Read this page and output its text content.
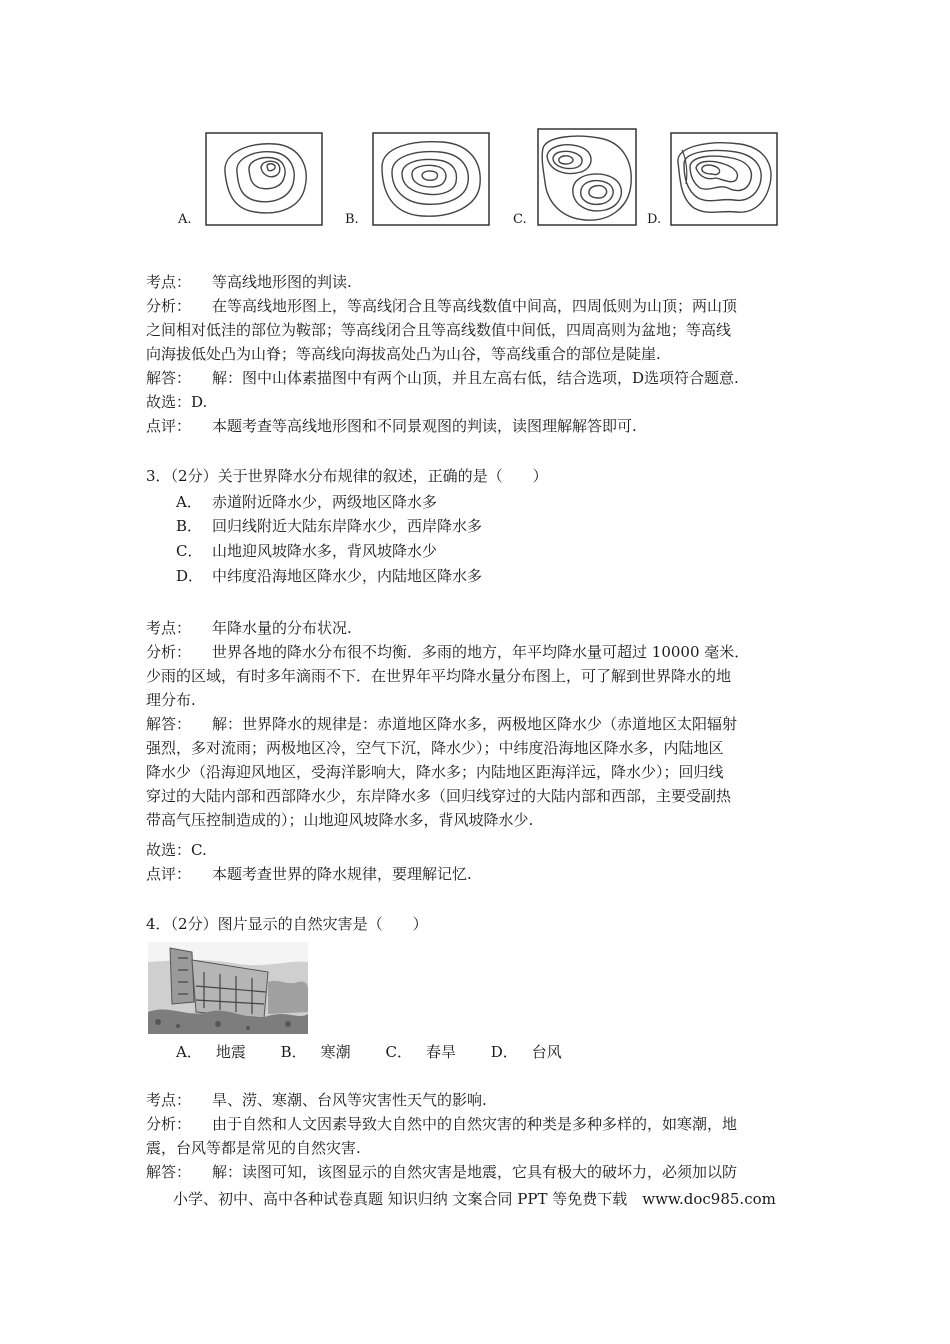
A.	B.	C.	D.
考点： 等高线地形图的判读.
分析： 在等高线地形图上，等高线闭合且等高线数值中间高，四周低则为山顶；两山顶
之间相对低洼的部位为鞍部；等高线闭合且等高线数值中间低，四周高则为盆地；等高线
向海拔低处凸为山脊；等高线向海拔高处凸为山谷，等高线重合的部位是陡崖.
解答： 解：图中山体素描图中有两个山顶，并且左高右低，结合选项，D选项符合题意.
故选：D.
点评： 本题考查等高线地形图和不同景观图的判读，读图理解解答即可.
3．（2分）关于世界降水分布规律的叙述，正确的是（　　）
A． 赤道附近降水少，两级地区降水多
B． 回归线附近大陆东岸降水少，西岸降水多
C． 山地迎风坡降水多，背风坡降水少
D． 中纬度沿海地区降水少，内陆地区降水多
考点： 年降水量的分布状况.
分析： 世界各地的降水分布很不均衡．多雨的地方，年平均降水量可超过 10000 毫米．
少雨的区域，有时多年滴雨不下．在世界年平均降水量分布图上，可了解到世界降水的地
理分布.
解答： 解：世界降水的规律是：赤道地区降水多，两极地区降水少（赤道地区太阳辐射
强烈，多对流雨；两极地区冷，空气下沉，降水少）；中纬度沿海地区降水多，内陆地区
降水少（沿海迎风地区，受海洋影响大，降水多；内陆地区距海洋远，降水少）；回归线
穿过的大陆内部和西部降水少，东岸降水多（回归线穿过的大陆内部和西部，主要受副热
带高气压控制造成的）；山地迎风坡降水多，背风坡降水少.
故选：C.
点评： 本题考查世界的降水规律，要理解记忆.
4．（2分）图片显示的自然灾害是（　　）
A． 地震 B． 寒潮 C． 春旱 D． 台风
考点： 旱、涝、寒潮、台风等灾害性天气的影响.
分析： 由于自然和人文因素导致大自然中的自然灾害的种类是多种多样的，如寒潮，地
震，台风等都是常见的自然灾害.
解答： 解：读图可知，该图显示的自然灾害是地震，它具有极大的破坏力，必须加以防
小学、初中、高中各种试卷真题 知识归纳 文案合同 PPT 等免费下载　www.doc985.com
